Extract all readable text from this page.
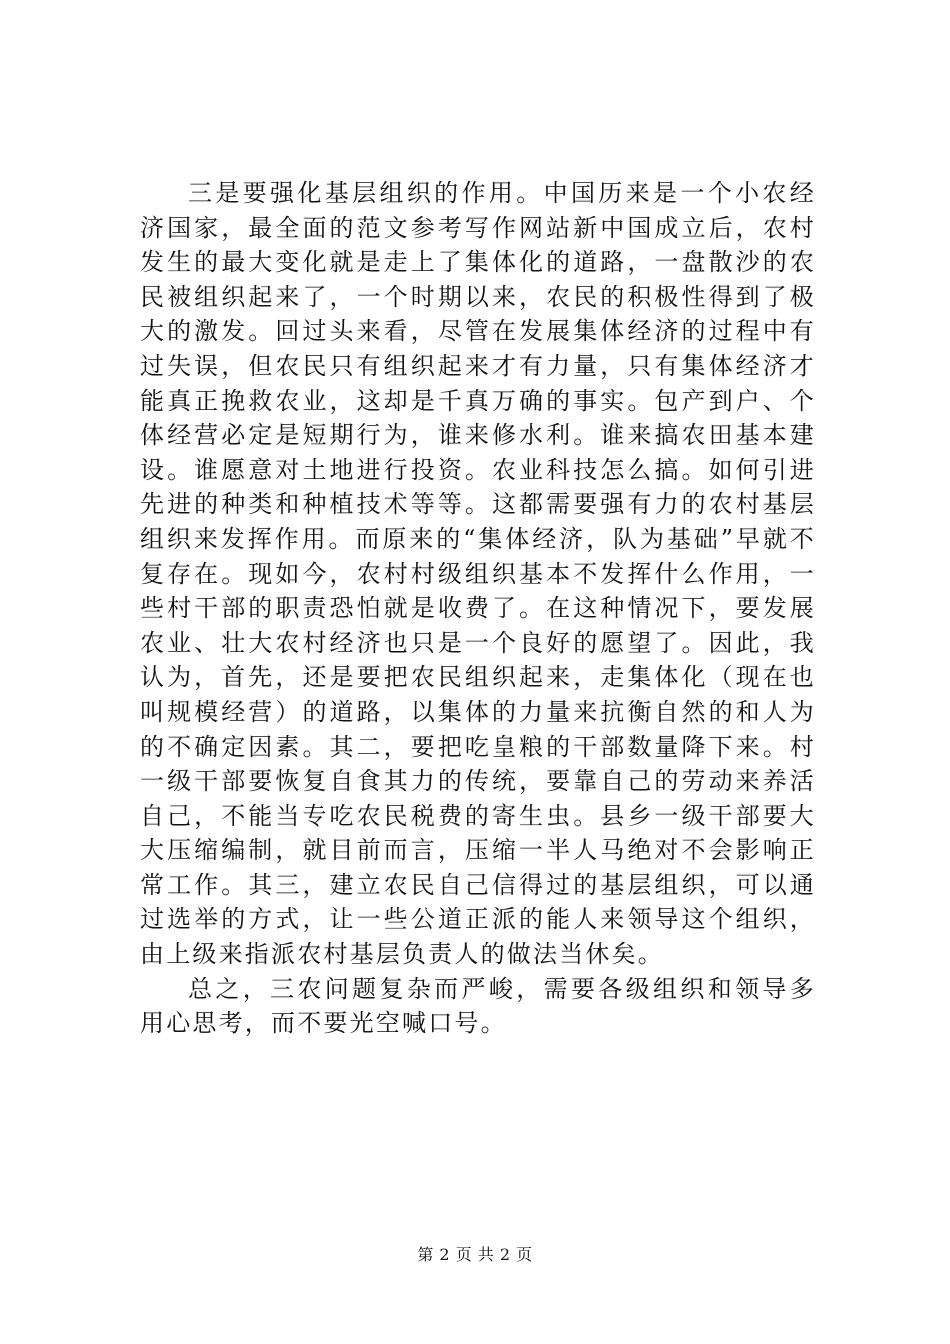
三是要强化基层组织的作用。中国历来是一个小农经济国家，最全面的范文参考写作网站新中国成立后，农村发生的最大变化就是走上了集体化的道路，一盘散沙的农民被组织起来了，一个时期以来，农民的积极性得到了极大的激发。回过头来看，尽管在发展集体经济的过程中有过失误，但农民只有组织起来才有力量，只有集体经济才能真正挽救农业，这却是千真万确的事实。包产到户、个体经营必定是短期行为，谁来修水利。谁来搞农田基本建设。谁愿意对土地进行投资。农业科技怎么搞。如何引进先进的种类和种植技术等等。这都需要强有力的农村基层组织来发挥作用。而原来的“集体经济，队为基础”早就不复存在。现如今，农村村级组织基本不发挥什么作用，一些村干部的职责恐怕就是收费了。在这种情况下，要发展农业、壮大农村经济也只是一个良好的愿望了。因此，我认为，首先，还是要把农民组织起来，走集体化（现在也叫规模经营）的道路，以集体的力量来抗衡自然的和人为的不确定因素。其二，要把吃皇粮的干部数量降下来。村一级干部要恢复自食其力的传统，要靠自己的劳动来养活自己，不能当专吃农民税费的寄生虫。县乡一级干部要大大压缩编制，就目前而言，压缩一半人马绝对不会影响正常工作。其三，建立农民自己信得过的基层组织，可以通过选举的方式，让一些公道正派的能人来领导这个组织，由上级来指派农村基层负责人的做法当休矣。

总之，三农问题复杂而严峻，需要各级组织和领导多用心思考，而不要光空喊口号。

第 2 页 共 2 页
